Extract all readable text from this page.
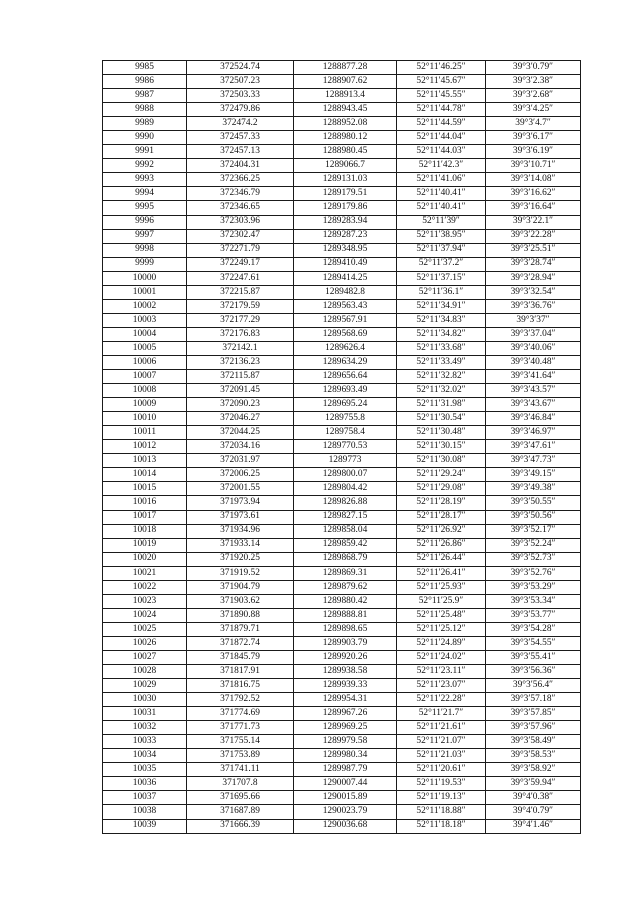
9985	372524.74	1288877.28	52°11′46.25″	39°3′0.79″
9986	372507.23	1288907.62	52°11′45.67″	39°3′2.38″
9987	372503.33	1288913.4	52°11′45.55″	39°3′2.68″
9988	372479.86	1288943.45	52°11′44.78″	39°3′4.25″
9989	372474.2	1288952.08	52°11′44.59″	39°3′4.7″
9990	372457.33	1288980.12	52°11′44.04″	39°3′6.17″
9991	372457.13	1288980.45	52°11′44.03″	39°3′6.19″
9992	372404.31	1289066.7	52°11′42.3″	39°3′10.71″
9993	372366.25	1289131.03	52°11′41.06″	39°3′14.08″
9994	372346.79	1289179.51	52°11′40.41″	39°3′16.62″
9995	372346.65	1289179.86	52°11′40.41″	39°3′16.64″
9996	372303.96	1289283.94	52°11′39″	39°3′22.1″
9997	372302.47	1289287.23	52°11′38.95″	39°3′22.28″
9998	372271.79	1289348.95	52°11′37.94″	39°3′25.51″
9999	372249.17	1289410.49	52°11′37.2″	39°3′28.74″
10000	372247.61	1289414.25	52°11′37.15″	39°3′28.94″
10001	372215.87	1289482.8	52°11′36.1″	39°3′32.54″
10002	372179.59	1289563.43	52°11′34.91″	39°3′36.76″
10003	372177.29	1289567.91	52°11′34.83″	39°3′37″
10004	372176.83	1289568.69	52°11′34.82″	39°3′37.04″
10005	372142.1	1289626.4	52°11′33.68″	39°3′40.06″
10006	372136.23	1289634.29	52°11′33.49″	39°3′40.48″
10007	372115.87	1289656.64	52°11′32.82″	39°3′41.64″
10008	372091.45	1289693.49	52°11′32.02″	39°3′43.57″
10009	372090.23	1289695.24	52°11′31.98″	39°3′43.67″
10010	372046.27	1289755.8	52°11′30.54″	39°3′46.84″
10011	372044.25	1289758.4	52°11′30.48″	39°3′46.97″
10012	372034.16	1289770.53	52°11′30.15″	39°3′47.61″
10013	372031.97	1289773	52°11′30.08″	39°3′47.73″
10014	372006.25	1289800.07	52°11′29.24″	39°3′49.15″
10015	372001.55	1289804.42	52°11′29.08″	39°3′49.38″
10016	371973.94	1289826.88	52°11′28.19″	39°3′50.55″
10017	371973.61	1289827.15	52°11′28.17″	39°3′50.56″
10018	371934.96	1289858.04	52°11′26.92″	39°3′52.17″
10019	371933.14	1289859.42	52°11′26.86″	39°3′52.24″
10020	371920.25	1289868.79	52°11′26.44″	39°3′52.73″
10021	371919.52	1289869.31	52°11′26.41″	39°3′52.76″
10022	371904.79	1289879.62	52°11′25.93″	39°3′53.29″
10023	371903.62	1289880.42	52°11′25.9″	39°3′53.34″
10024	371890.88	1289888.81	52°11′25.48″	39°3′53.77″
10025	371879.71	1289898.65	52°11′25.12″	39°3′54.28″
10026	371872.74	1289903.79	52°11′24.89″	39°3′54.55″
10027	371845.79	1289920.26	52°11′24.02″	39°3′55.41″
10028	371817.91	1289938.58	52°11′23.11″	39°3′56.36″
10029	371816.75	1289939.33	52°11′23.07″	39°3′56.4″
10030	371792.52	1289954.31	52°11′22.28″	39°3′57.18″
10031	371774.69	1289967.26	52°11′21.7″	39°3′57.85″
10032	371771.73	1289969.25	52°11′21.61″	39°3′57.96″
10033	371755.14	1289979.58	52°11′21.07″	39°3′58.49″
10034	371753.89	1289980.34	52°11′21.03″	39°3′58.53″
10035	371741.11	1289987.79	52°11′20.61″	39°3′58.92″
10036	371707.8	1290007.44	52°11′19.53″	39°3′59.94″
10037	371695.66	1290015.89	52°11′19.13″	39°4′0.38″
10038	371687.89	1290023.79	52°11′18.88″	39°4′0.79″
10039	371666.39	1290036.68	52°11′18.18″	39°4′1.46″
